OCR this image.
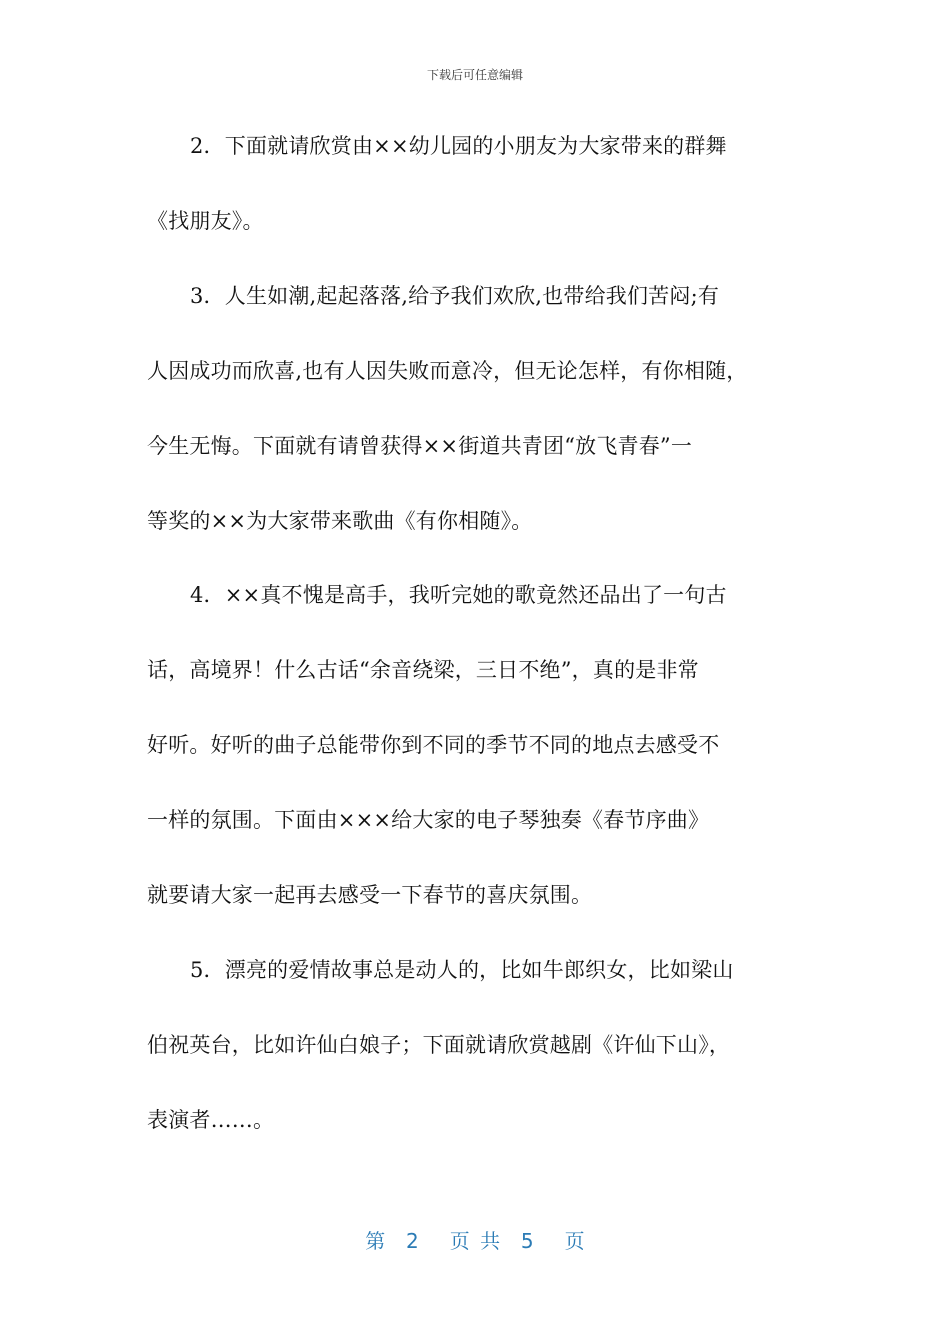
下载后可任意编辑
2．下面就请欣赏由××幼儿园的小朋友为大家带来的群舞
《找朋友》。
3．人生如潮,起起落落,给予我们欢欣,也带给我们苦闷;有
人因成功而欣喜,也有人因失败而意冷，但无论怎样，有你相随，
今生无悔。下面就有请曾获得××街道共青团“放飞青春”一
等奖的××为大家带来歌曲《有你相随》。
4．××真不愧是高手，我听完她的歌竟然还品出了一句古
话，高境界！什么古话“余音绕梁，三日不绝”，真的是非常
好听。好听的曲子总能带你到不同的季节不同的地点去感受不
一样的氛围。下面由×××给大家的电子琴独奏《春节序曲》
就要请大家一起再去感受一下春节的喜庆氛围。
5．漂亮的爱情故事总是动人的，比如牛郎织女，比如梁山
伯祝英台，比如许仙白娘子；下面就请欣赏越剧《许仙下山》，
表演者……。
第  2   页 共  5   页
